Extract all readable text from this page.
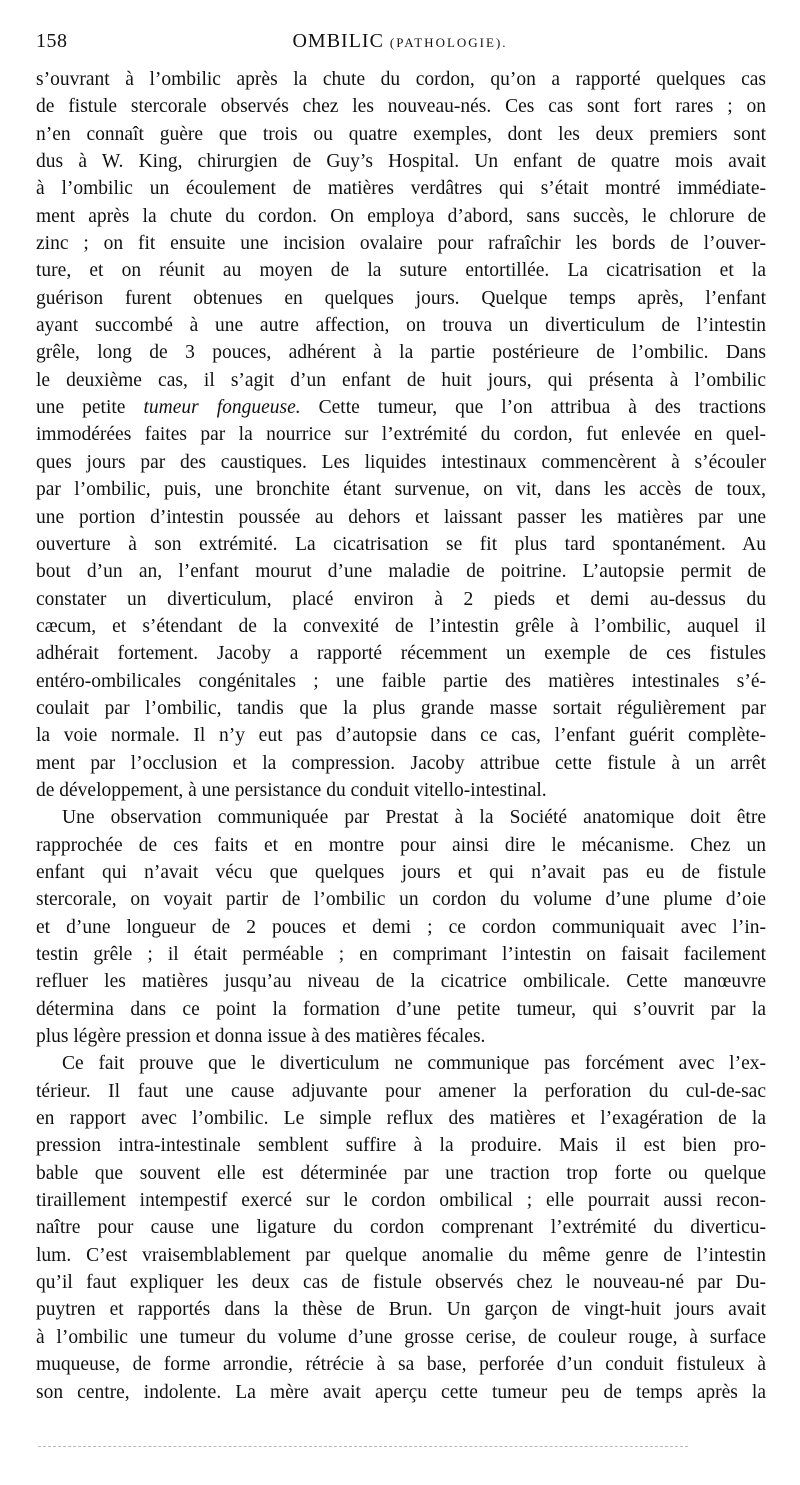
158	OMBILIC (PATHOLOGIE).
s’ouvrant à l’ombilic après la chute du cordon, qu’on a rapporté quelques cas
de fistule stercorale observés chez les nouveau-nés. Ces cas sont fort rares ; on
n’en connaît guère que trois ou quatre exemples, dont les deux premiers sont
dus à W. King, chirurgien de Guy’s Hospital. Un enfant de quatre mois avait
à l’ombilic un écoulement de matières verdâtres qui s’était montré immédiate-
ment après la chute du cordon. On employa d’abord, sans succès, le chlorure de
zinc ; on fit ensuite une incision ovalaire pour rafraîchir les bords de l’ouver-
ture, et on réunit au moyen de la suture entortillée. La cicatrisation et la
guérison furent obtenues en quelques jours. Quelque temps après, l’enfant
ayant succombé à une autre affection, on trouva un diverticulum de l’intestin
grêle, long de 3 pouces, adhérent à la partie postérieure de l’ombilic. Dans
le deuxième cas, il s’agit d’un enfant de huit jours, qui présenta à l’ombilic
une petite tumeur fongueuse. Cette tumeur, que l’on attribua à des tractions
immodérées faites par la nourrice sur l’extrémité du cordon, fut enlevée en quel-
ques jours par des caustiques. Les liquides intestinaux commencèrent à s’écouler
par l’ombilic, puis, une bronchite étant survenue, on vit, dans les accès de toux,
une portion d’intestin poussée au dehors et laissant passer les matières par une
ouverture à son extrémité. La cicatrisation se fit plus tard spontanément. Au
bout d’un an, l’enfant mourut d’une maladie de poitrine. L’autopsie permit de
constater un diverticulum, placé environ à 2 pieds et demi au-dessus du
cæcum, et s’étendant de la convexité de l’intestin grêle à l’ombilic, auquel il
adhérait fortement. Jacoby a rapporté récemment un exemple de ces fistules
entéro-ombilicales congénitales ; une faible partie des matières intestinales s’é-
coulait par l’ombilic, tandis que la plus grande masse sortait régulièrement par
la voie normale. Il n’y eut pas d’autopsie dans ce cas, l’enfant guérit complète-
ment par l’occlusion et la compression. Jacoby attribue cette fistule à un arrêt
de développement, à une persistance du conduit vitello-intestinal.
Une observation communiquée par Prestat à la Société anatomique doit être
rapprochée de ces faits et en montre pour ainsi dire le mécanisme. Chez un
enfant qui n’avait vécu que quelques jours et qui n’avait pas eu de fistule
stercorale, on voyait partir de l’ombilic un cordon du volume d’une plume d’oie
et d’une longueur de 2 pouces et demi ; ce cordon communiquait avec l’in-
testin grêle ; il était perméable ; en comprimant l’intestin on faisait facilement
refluer les matières jusqu’au niveau de la cicatrice ombilicale. Cette manœuvre
détermina dans ce point la formation d’une petite tumeur, qui s’ouvrit par la
plus légère pression et donna issue à des matières fécales.
Ce fait prouve que le diverticulum ne communique pas forcément avec l’ex-
térieur. Il faut une cause adjuvante pour amener la perforation du cul-de-sac
en rapport avec l’ombilic. Le simple reflux des matières et l’exagération de la
pression intra-intestinale semblent suffire à la produire. Mais il est bien pro-
bable que souvent elle est déterminée par une traction trop forte ou quelque
tiraillement intempestif exercé sur le cordon ombilical ; elle pourrait aussi recon-
naître pour cause une ligature du cordon comprenant l’extrémité du diverticu-
lum. C’est vraisemblablement par quelque anomalie du même genre de l’intestin
qu’il faut expliquer les deux cas de fistule observés chez le nouveau-né par Du-
puytren et rapportés dans la thèse de Brun. Un garçon de vingt-huit jours avait
à l’ombilic une tumeur du volume d’une grosse cerise, de couleur rouge, à surface
muqueuse, de forme arrondie, rétrécie à sa base, perforée d’un conduit fistuleux à
son centre, indolente. La mère avait aperçu cette tumeur peu de temps après la
